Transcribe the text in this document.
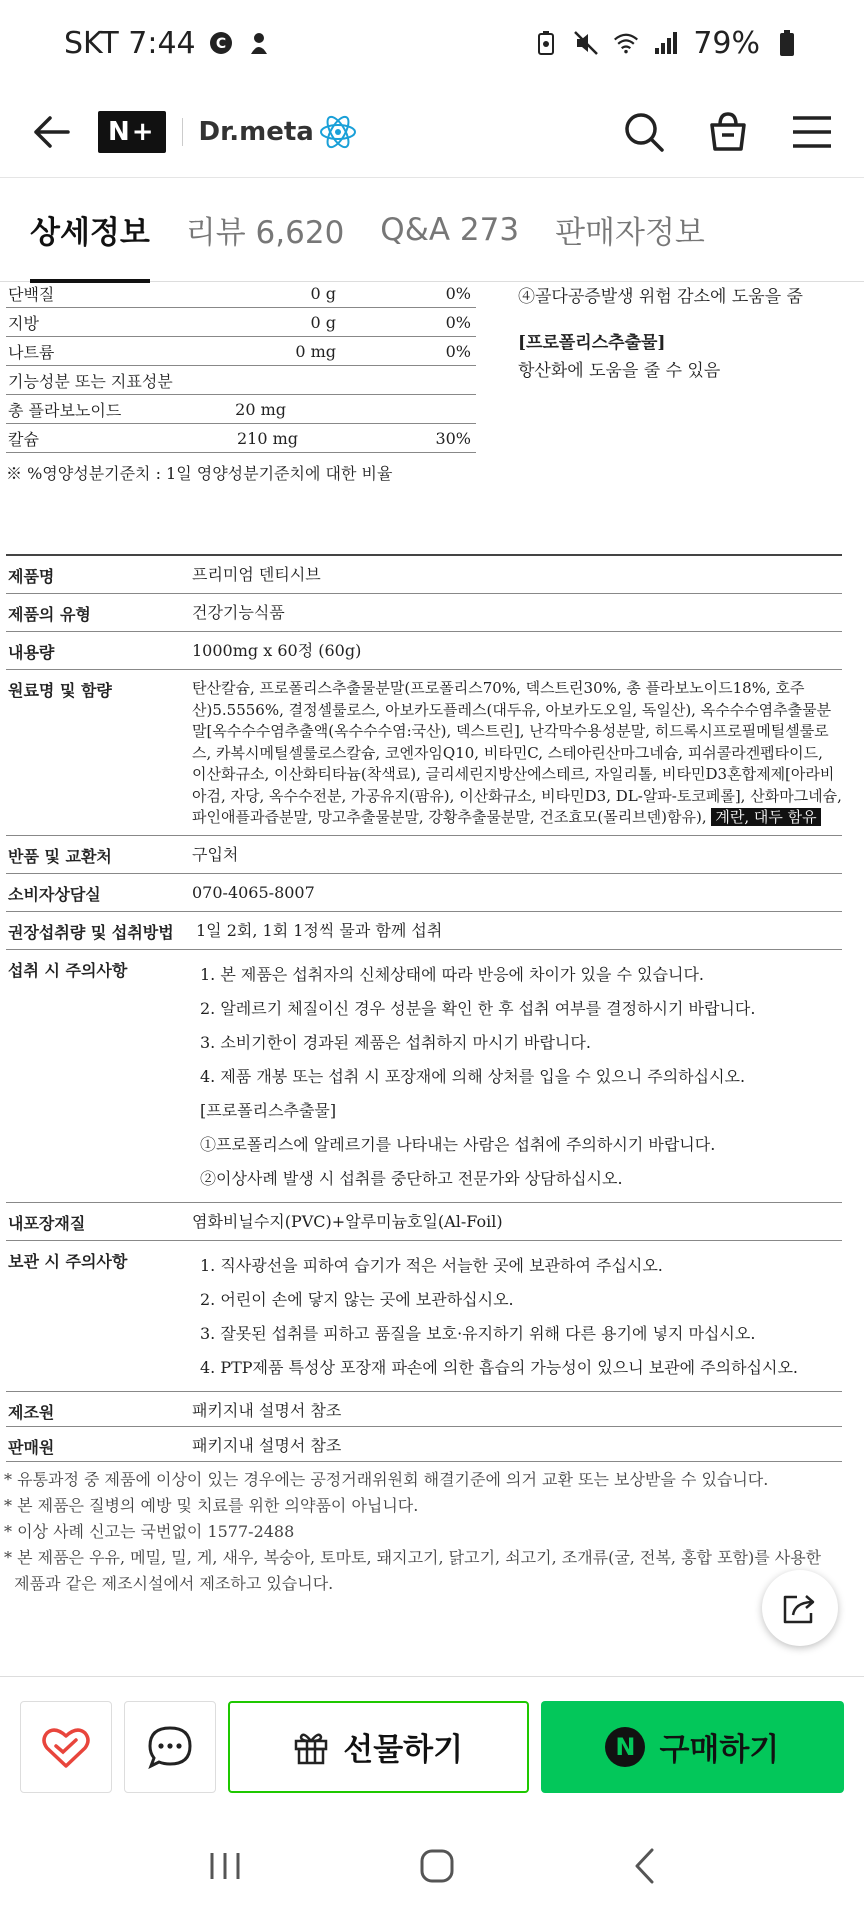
SKT 7:44 C	79%
N+ Dr.meta
상세정보 리뷰 6,620 Q&A 273 판매자정보
단백질	0 g	0%
지방	0 g	0%
나트륨	0 mg	0%
기능성분 또는 지표성분
총 플라보노이드	20 mg
칼슘	210 mg	30%
※ %영양성분기준치 : 1일 영양성분기준치에 대한 비율
④골다공증발생 위험 감소에 도움을 줌
[프로폴리스추출물]
항산화에 도움을 줄 수 있음
제품명	프리미엄 덴티시브
제품의 유형	건강기능식품
내용량	1000mg x 60정 (60g)
원료명 및 함량	탄산칼슘, 프로폴리스추출물분말(프로폴리스70%, 덱스트린30%, 총 플라보노이드18%, 호주산)5.5556%, 결정셀룰로스, 아보카도플레스(대두유, 아보카도오일, 독일산), 옥수수수염추출물분말[옥수수수염추출액(옥수수수염:국산), 덱스트린], 난각막수용성분말, 히드록시프로필메틸셀룰로스, 카복시메틸셀룰로스칼슘, 코엔자임Q10, 비타민C, 스테아린산마그네슘, 피쉬콜라겐펩타이드, 이산화규소, 이산화티타늄(착색료), 글리세린지방산에스테르, 자일리톨, 비타민D3혼합제제[아라비아검, 자당, 옥수수전분, 가공유지(팜유), 이산화규소, 비타민D3, DL-알파-토코페롤], 산화마그네슘, 파인애플과즙분말, 망고추출물분말, 강황추출물분말, 건조효모(몰리브덴)함유), 계란, 대두 함유
반품 및 교환처	구입처
소비자상담실	070-4065-8007
권장섭취량 및 섭취방법	1일 2회, 1회 1정씩 물과 함께 섭취
섭취 시 주의사항	1. 본 제품은 섭취자의 신체상태에 따라 반응에 차이가 있을 수 있습니다.
2. 알레르기 체질이신 경우 성분을 확인 한 후 섭취 여부를 결정하시기 바랍니다.
3. 소비기한이 경과된 제품은 섭취하지 마시기 바랍니다.
4. 제품 개봉 또는 섭취 시 포장재에 의해 상처를 입을 수 있으니 주의하십시오.
[프로폴리스추출물]
①프로폴리스에 알레르기를 나타내는 사람은 섭취에 주의하시기 바랍니다.
②이상사례 발생 시 섭취를 중단하고 전문가와 상담하십시오.
내포장재질	염화비닐수지(PVC)+알루미늄호일(Al-Foil)
보관 시 주의사항	1. 직사광선을 피하여 습기가 적은 서늘한 곳에 보관하여 주십시오.
2. 어린이 손에 닿지 않는 곳에 보관하십시오.
3. 잘못된 섭취를 피하고 품질을 보호·유지하기 위해 다른 용기에 넣지 마십시오.
4. PTP제품 특성상 포장재 파손에 의한 흡습의 가능성이 있으니 보관에 주의하십시오.
제조원	패키지내 설명서 참조
판매원	패키지내 설명서 참조
* 유통과정 중 제품에 이상이 있는 경우에는 공정거래위원회 해결기준에 의거 교환 또는 보상받을 수 있습니다.
* 본 제품은 질병의 예방 및 치료를 위한 의약품이 아닙니다.
* 이상 사례 신고는 국번없이 1577-2488
* 본 제품은 우유, 메밀, 밀, 게, 새우, 복숭아, 토마토, 돼지고기, 닭고기, 쇠고기, 조개류(굴, 전복, 홍합 포함)를 사용한
제품과 같은 제조시설에서 제조하고 있습니다.
선물하기	N 구매하기
